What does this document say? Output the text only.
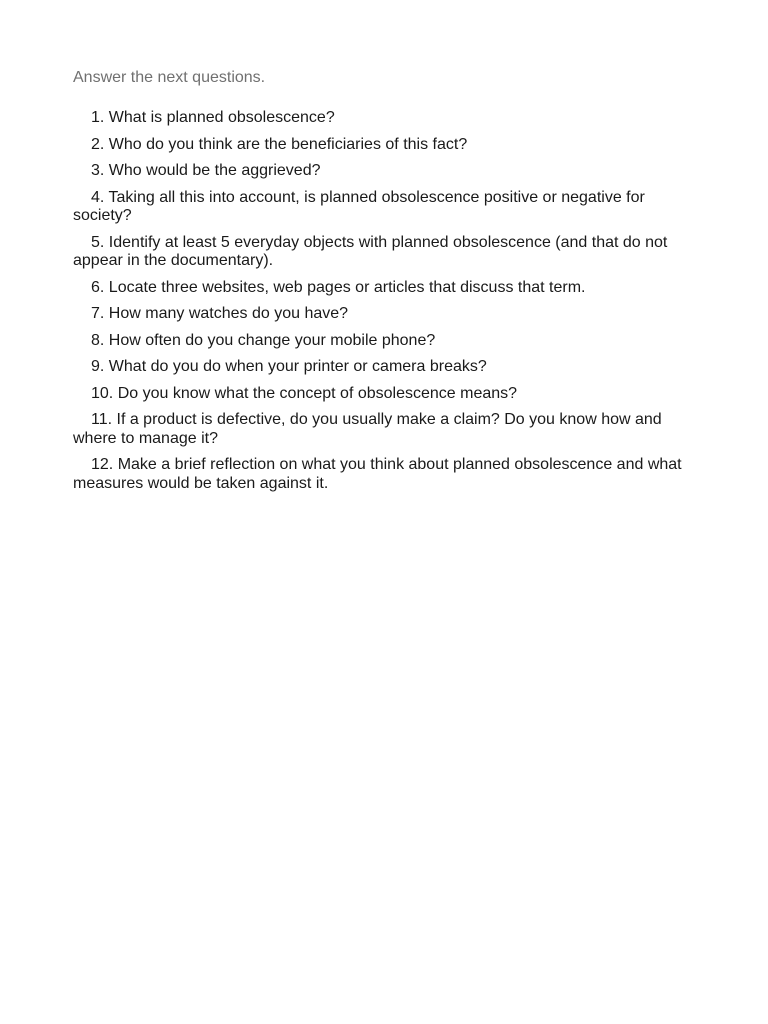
Answer the next questions.

1 . What is planned obsolescence?
2 . Who do you think are the beneficiaries of this fact?
3 . Who would be the aggrieved?
4 . Taking all this into account, is planned obsolescence positive or negative for society?
5 . Identify at least 5 everyday objects with planned obsolescence (and that do not appear in the documentary).
6 . Locate three websites, web pages or articles that discuss that term.
7 . How many watches do you have?
8 . How often do you change your mobile phone?
9 . What do you do when your printer or camera breaks?
10 . Do you know what the concept of obsolescence means?
11 . If a product is defective, do you usually make a claim? Do you know how and where to manage it?
12 . Make a brief reflection on what you think about planned obsolescence and what measures would be taken against it.
